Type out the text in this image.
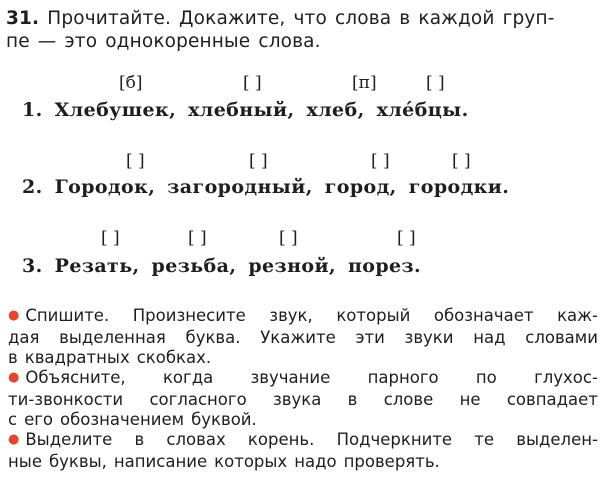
31. Прочитайте. Докажите, что слова в каждой груп-
пе — это однокоренные слова.
[б]	[ ]	[п]	[ ]
1. Хлебушек, хлебный, хлеб, хле́бцы.
[ ]	[ ]	[ ]	[ ]
2. Городок, загородный, город, городки.
[ ]	[ ]	[ ]	[ ]
3. Резать, резьба, резной, порез.
● Спишите. Произнесите звук, который обозначает каж-
дая выделенная буква. Укажите эти звуки над словами
в квадратных скобках.
● Объясните, когда звучание парного по глухос-
ти-звонкости согласного звука в слове не совпадает
с его обозначением буквой.
● Выделите в словах корень. Подчеркните те выделен-
ные буквы, написание которых надо проверять.
